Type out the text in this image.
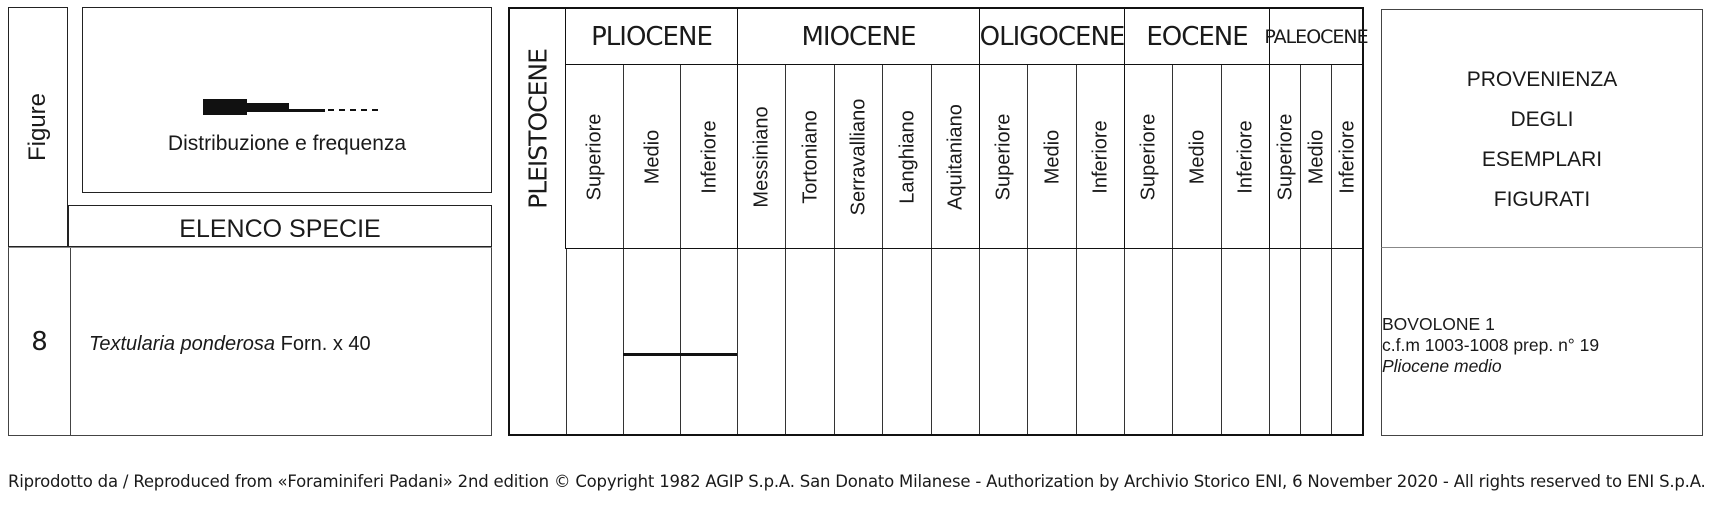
Figure	Distribuzione e frequenza
ELENCO SPECIE
PLEISTOCENE
PLIOCENE	MIOCENE	OLIGOCENE EOCENE PALEOCENE
Superiore Medio Inferiore Messiniano Tortoniano Serravalliano Langhiano Aquitaniano Superiore Medio Inferiore Superiore Medio Inferiore Superiore Medio Inferiore
PROVENIENZA
DEGLI
ESEMPLARI
FIGURATI
8 Textularia ponderosa Forn. x 40
BOVOLONE 1
c.f.m 1003-1008 prep. n° 19
Pliocene medio
Riprodotto da / Reproduced from «Foraminiferi Padani» 2nd edition © Copyright 1982 AGIP S.p.A. San Donato Milanese - Authorization by Archivio Storico ENI, 6 November 2020 - All rights reserved to ENI S.p.A.
